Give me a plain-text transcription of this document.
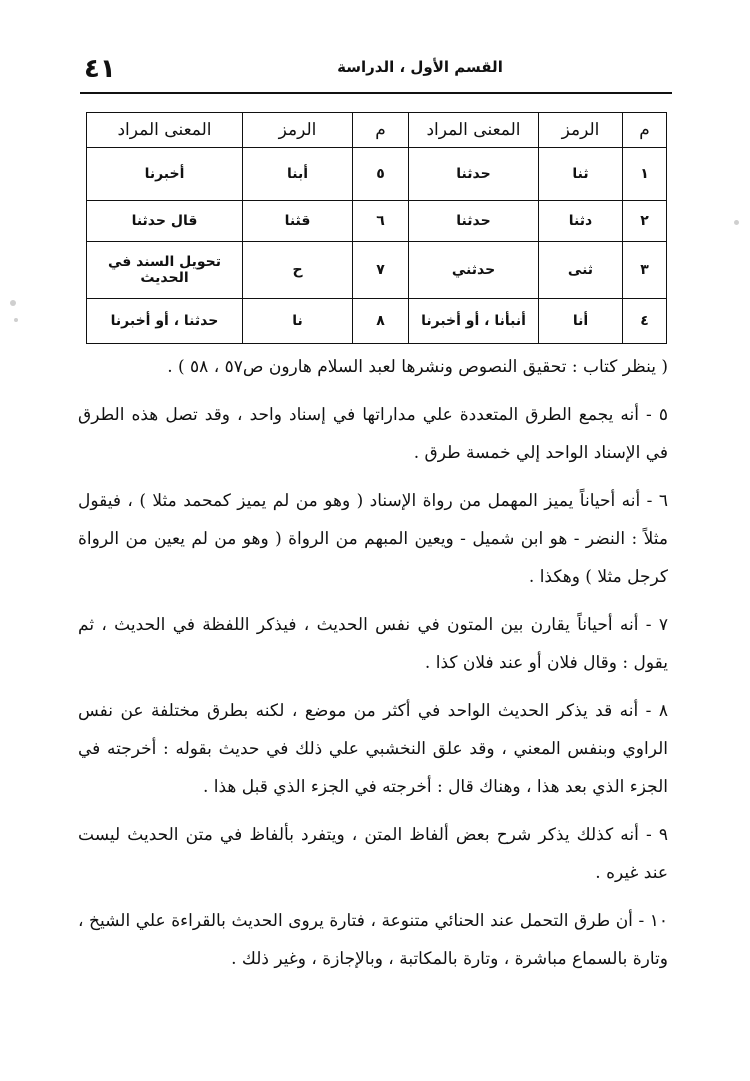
القسم الأول ، الدراسة
٤١
م	الرمز	المعنى المراد	م	الرمز	المعنى المراد
١	ثنا	حدثنا	٥	أبنا	أخبرنا
٢	دثنا	حدثنا	٦	قثنا	قال حدثنا
٣	ثنى	حدثني	٧	ح	تحويل السند في الحديث
٤	أنا	أنبأنا ، أو أخبرنا	٨	نا	حدثنا ، أو أخبرنا

( ينظر كتاب : تحقيق النصوص ونشرها لعبد السلام هارون ص٥٧ ، ٥٨ ) .

٥ - أنه يجمع الطرق المتعددة علي مداراتها في إسناد واحد ، وقد تصل هذه الطرق في الإسناد الواحد إلي خمسة طرق .

٦ - أنه أحياناً يميز المهمل من رواة الإسناد ( وهو من لم يميز كمحمد مثلا ) ، فيقول مثلاً : النضر - هو ابن شميل - ويعين المبهم من الرواة ( وهو من لم يعين من الرواة كرجل مثلا ) وهكذا .

٧ - أنه أحياناً يقارن بين المتون في نفس الحديث ، فيذكر اللفظة في الحديث ، ثم يقول : وقال فلان أو عند فلان كذا .

٨ - أنه قد يذكر الحديث الواحد في أكثر من موضع ، لكنه بطرق مختلفة عن نفس الراوي وبنفس المعني ، وقد علق النخشبي علي ذلك في حديث بقوله : أخرجته في الجزء الذي بعد هذا ، وهناك قال : أخرجته في الجزء الذي قبل هذا .

٩ - أنه كذلك يذكر شرح بعض ألفاظ المتن ، ويتفرد بألفاظ في متن الحديث ليست عند غيره .

١٠ - أن طرق التحمل عند الحنائي متنوعة ، فتارة يروى الحديث بالقراءة علي الشيخ ، وتارة بالسماع مباشرة ، وتارة بالمكاتبة ، وبالإجازة ، وغير ذلك .
